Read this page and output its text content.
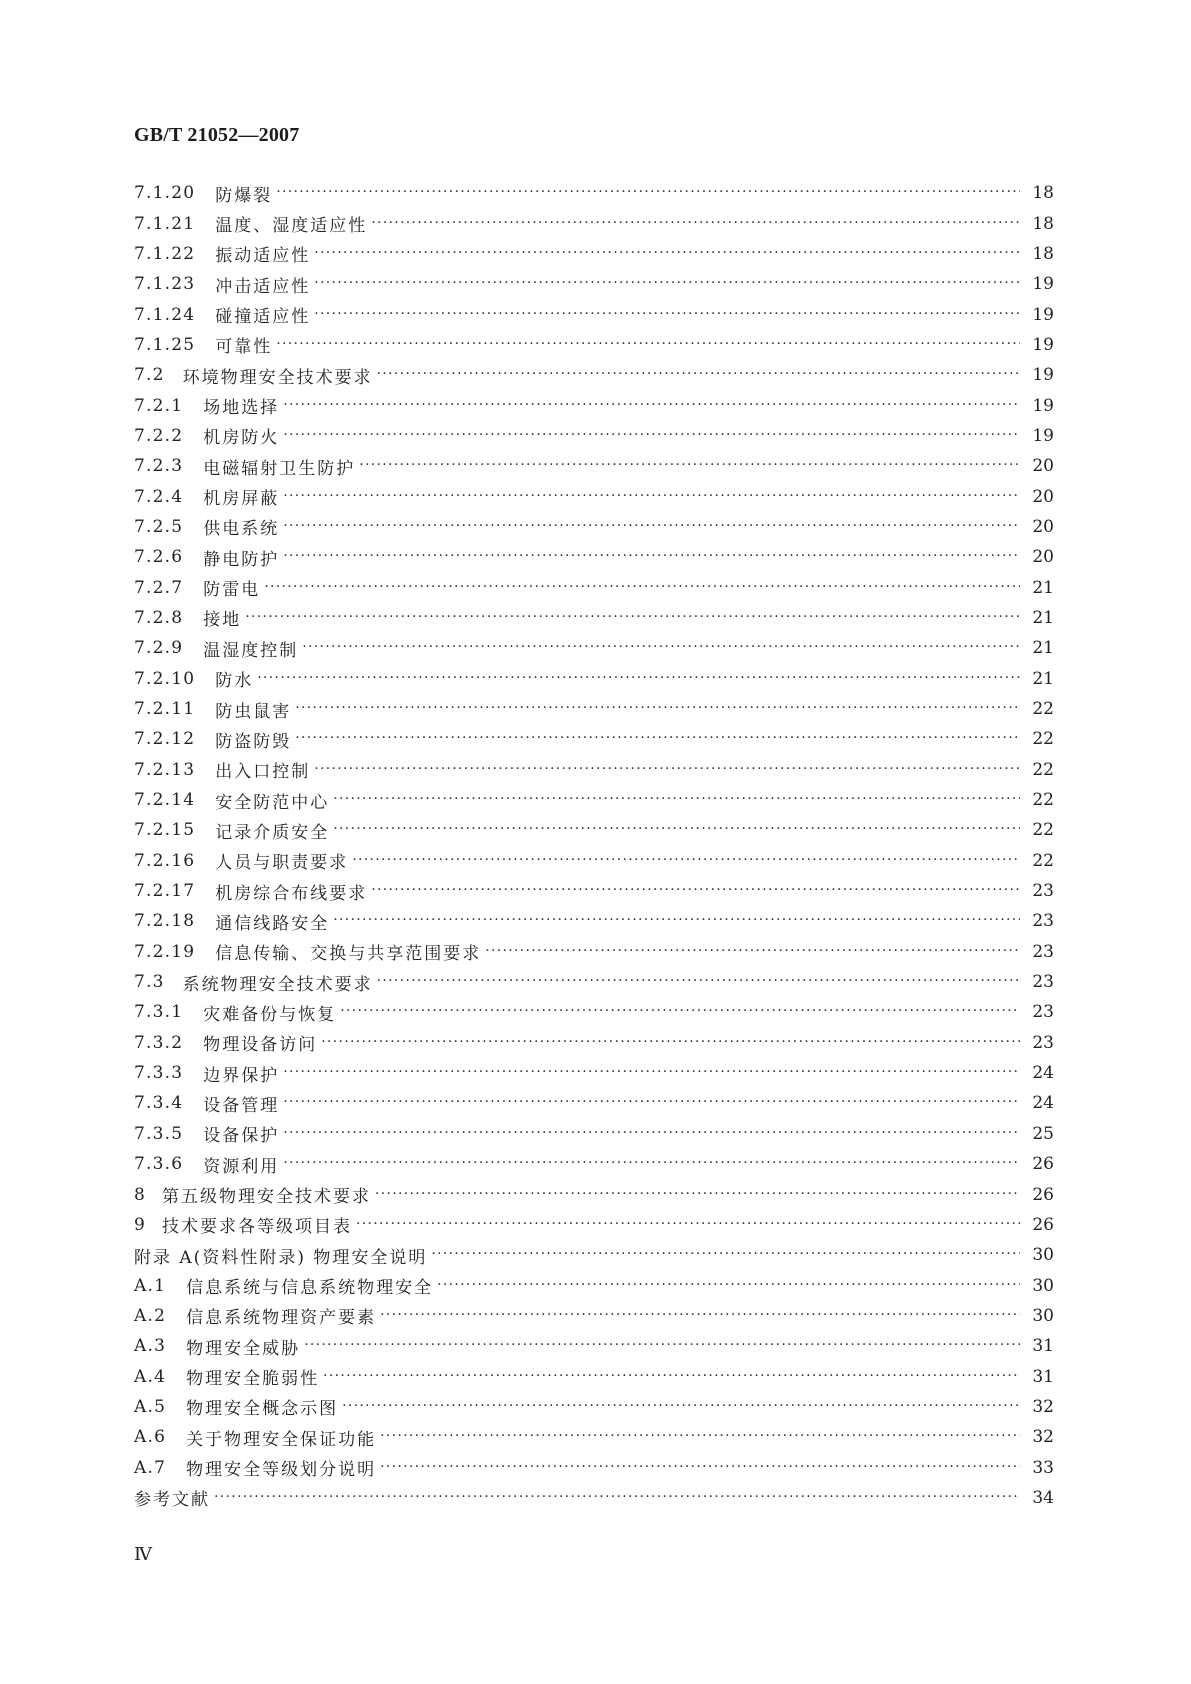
GB/T 21052—2007
7.1.20 防爆裂 ·····	18
7.1.21 温度、湿度适应性 ·····	18
7.1.22 振动适应性 ·····	18
7.1.23 冲击适应性 ·····	19
7.1.24 碰撞适应性 ·····	19
7.1.25 可靠性 ·····	19
7.2 环境物理安全技术要求 ·····	19
7.2.1 场地选择 ·····	19
7.2.2 机房防火 ·····	19
7.2.3 电磁辐射卫生防护 ·····	20
7.2.4 机房屏蔽 ·····	20
7.2.5 供电系统 ·····	20
7.2.6 静电防护 ·····	20
7.2.7 防雷电 ·····	21
7.2.8 接地 ·····	21
7.2.9 温湿度控制 ·····	21
7.2.10 防水 ·····	21
7.2.11 防虫鼠害 ·····	22
7.2.12 防盗防毁 ·····	22
7.2.13 出入口控制 ·····	22
7.2.14 安全防范中心 ·····	22
7.2.15 记录介质安全 ·····	22
7.2.16 人员与职责要求 ·····	22
7.2.17 机房综合布线要求 ·····	23
7.2.18 通信线路安全 ·····	23
7.2.19 信息传输、交换与共享范围要求 ·····	23
7.3 系统物理安全技术要求 ·····	23
7.3.1 灾难备份与恢复 ·····	23
7.3.2 物理设备访问 ·····	23
7.3.3 边界保护 ·····	24
7.3.4 设备管理 ·····	24
7.3.5 设备保护 ·····	25
7.3.6 资源利用 ·····	26
8 第五级物理安全技术要求 ·····	26
9 技术要求各等级项目表 ·····	26
附录 A(资料性附录) 物理安全说明 ·····	30
A.1 信息系统与信息系统物理安全 ·····	30
A.2 信息系统物理资产要素 ·····	30
A.3 物理安全威胁 ·····	31
A.4 物理安全脆弱性 ·····	31
A.5 物理安全概念示图 ·····	32
A.6 关于物理安全保证功能 ·····	32
A.7 物理安全等级划分说明 ·····	33
参考文献 ·····	34
Ⅳ
